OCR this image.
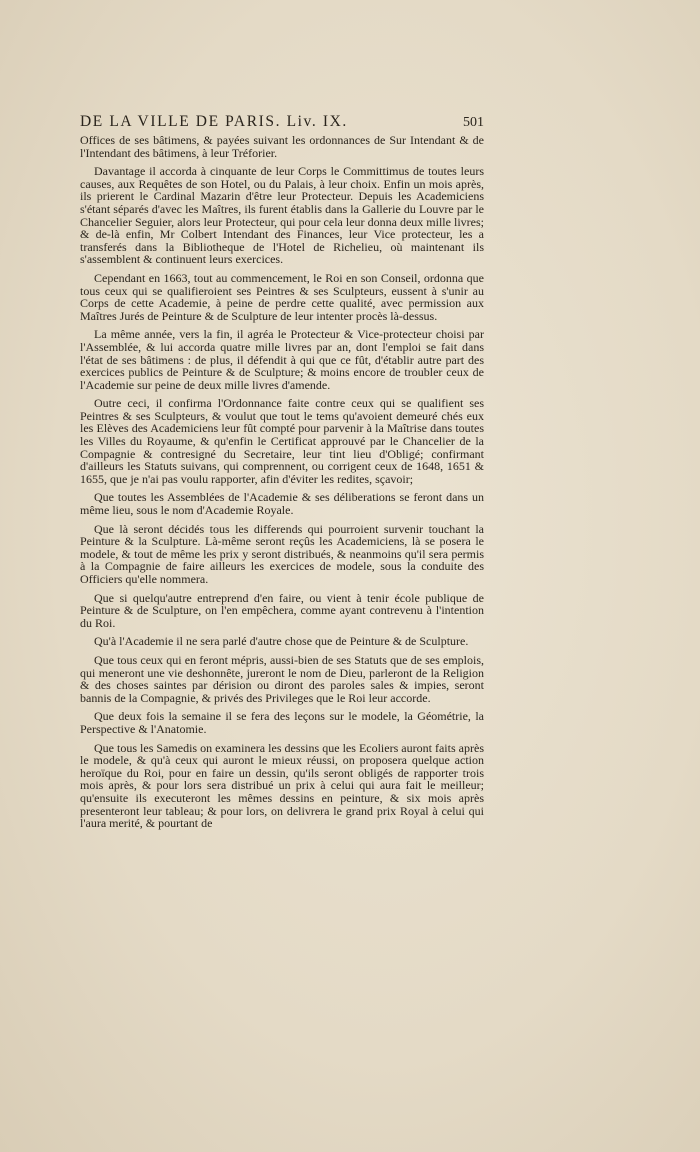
DE LA VILLE DE PARIS. Liv. IX.	501

Offices de ses bâtimens, & payées suivant les ordonnances de Sur Intendant & de l'Intendant des bâtimens, à leur Tréforier.

Davantage il accorda à cinquante de leur Corps le Committimus de toutes leurs causes, aux Requêtes de son Hotel, ou du Palais, à leur choix. Enfin un mois après, ils prierent le Cardinal Mazarin d'être leur Protecteur. Depuis les Academiciens s'étant séparés d'avec les Maîtres, ils furent établis dans la Gallerie du Louvre par le Chancelier Seguier, alors leur Protecteur, qui pour cela leur donna deux mille livres; & de-là enfin, Mr Colbert Intendant des Finances, leur Vice protecteur, les a transferés dans la Bibliotheque de l'Hotel de Richelieu, où maintenant ils s'assemblent & continuent leurs exercices.

Cependant en 1663, tout au commencement, le Roi en son Conseil, ordonna que tous ceux qui se qualifieroient ses Peintres & ses Sculpteurs, eussent à s'unir au Corps de cette Academie, à peine de perdre cette qualité, avec permission aux Maîtres Jurés de Peinture & de Sculpture de leur intenter procès là-dessus.

La même année, vers la fin, il agréa le Protecteur & Vice-protecteur choisi par l'Assemblée, & lui accorda quatre mille livres par an, dont l'emploi se fait dans l'état de ses bâtimens : de plus, il défendit à qui que ce fût, d'établir autre part des exercices publics de Peinture & de Sculpture; & moins encore de troubler ceux de l'Academie sur peine de deux mille livres d'amende.

Outre ceci, il confirma l'Ordonnance faite contre ceux qui se qualifient ses Peintres & ses Sculpteurs, & voulut que tout le tems qu'avoient demeuré chés eux les Elèves des Academiciens leur fût compté pour parvenir à la Maîtrise dans toutes les Villes du Royaume, & qu'enfin le Certificat approuvé par le Chancelier de la Compagnie & contresigné du Secretaire, leur tint lieu d'Obligé; confirmant d'ailleurs les Statuts suivans, qui comprennent, ou corrigent ceux de 1648, 1651 & 1655, que je n'ai pas voulu rapporter, afin d'éviter les redites, sçavoir;

Que toutes les Assemblées de l'Academie & ses déliberations se feront dans un même lieu, sous le nom d'Academie Royale.

Que là seront décidés tous les differends qui pourroient survenir touchant la Peinture & la Sculpture. Là-même seront reçûs les Academiciens, là se posera le modele, & tout de même les prix y seront distribués, & neanmoins qu'il sera permis à la Compagnie de faire ailleurs les exercices de modele, sous la conduite des Officiers qu'elle nommera.

Que si quelqu'autre entreprend d'en faire, ou vient à tenir école publique de Peinture & de Sculpture, on l'en empêchera, comme ayant contrevenu à l'intention du Roi.

Qu'à l'Academie il ne sera parlé d'autre chose que de Peinture & de Sculpture.

Que tous ceux qui en feront mépris, aussi-bien de ses Statuts que de ses emplois, qui meneront une vie deshonnête, jureront le nom de Dieu, parleront de la Religion & des choses saintes par dérision ou diront des paroles sales & impies, seront bannis de la Compagnie, & privés des Privileges que le Roi leur accorde.

Que deux fois la semaine il se fera des leçons sur le modele, la Géométrie, la Perspective & l'Anatomie.

Que tous les Samedis on examinera les dessins que les Ecoliers auront faits après le modele, & qu'à ceux qui auront le mieux réussi, on proposera quelque action heroïque du Roi, pour en faire un dessin, qu'ils seront obligés de rapporter trois mois après, & pour lors sera distribué un prix à celui qui aura fait le meilleur; qu'ensuite ils executeront les mêmes dessins en peinture, & six mois après presenteront leur tableau; & pour lors, on delivrera le grand prix Royal à celui qui l'aura merité, & pourtant de
